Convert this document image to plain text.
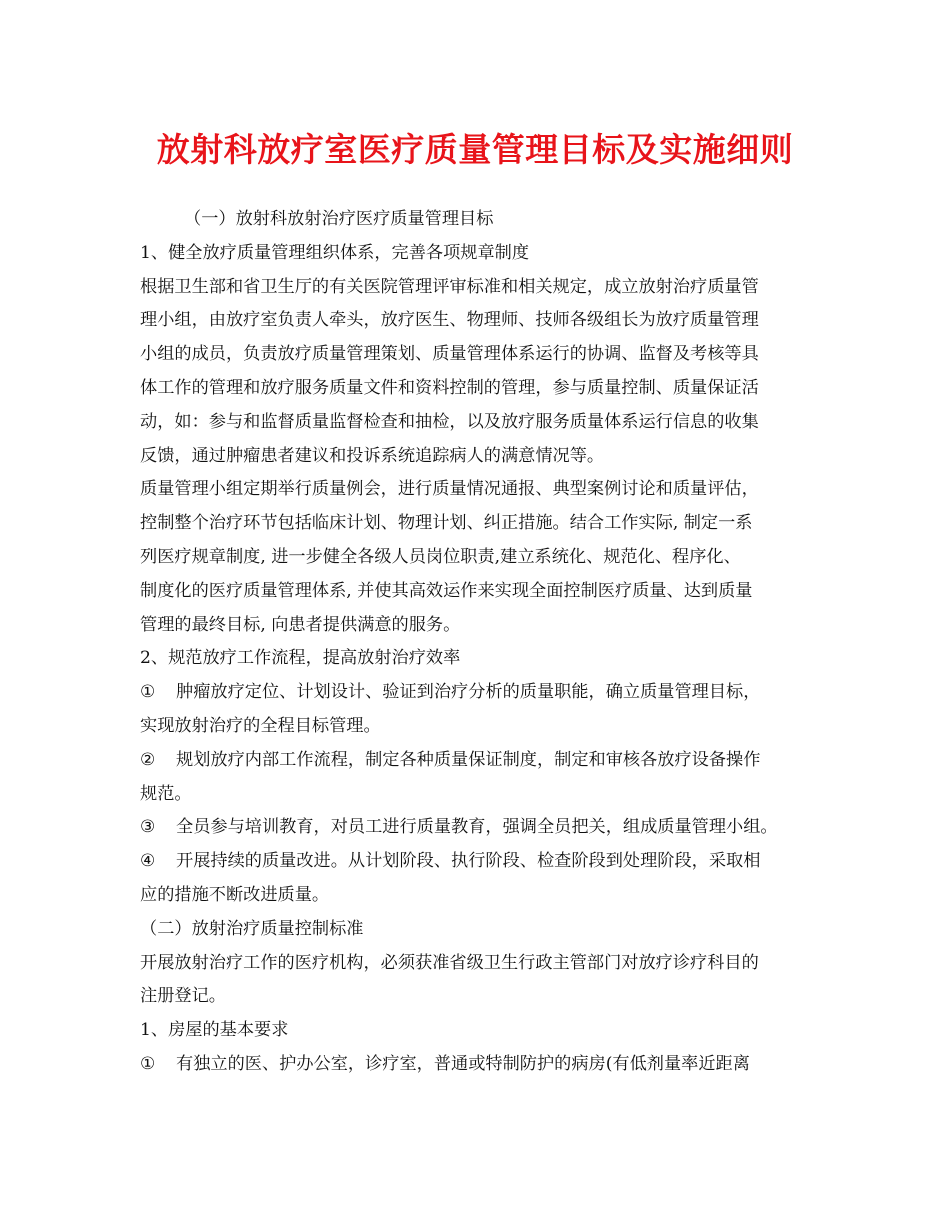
放射科放疗室医疗质量管理目标及实施细则
（一）放射科放射治疗医疗质量管理目标
1、健全放疗质量管理组织体系，完善各项规章制度
根据卫生部和省卫生厅的有关医院管理评审标准和相关规定，成立放射治疗质量管
理小组，由放疗室负责人牵头，放疗医生、物理师、技师各级组长为放疗质量管理
小组的成员，负责放疗质量管理策划、质量管理体系运行的协调、监督及考核等具
体工作的管理和放疗服务质量文件和资料控制的管理，参与质量控制、质量保证活
动，如：参与和监督质量监督检查和抽检，以及放疗服务质量体系运行信息的收集
反馈，通过肿瘤患者建议和投诉系统追踪病人的满意情况等。
质量管理小组定期举行质量例会，进行质量情况通报、典型案例讨论和质量评估，
控制整个治疗环节包括临床计划、物理计划、纠正措施。结合工作实际, 制定一系
列医疗规章制度, 进一步健全各级人员岗位职责,建立系统化、规范化、程序化、
制度化的医疗质量管理体系, 并使其高效运作来实现全面控制医疗质量、达到质量
管理的最终目标, 向患者提供满意的服务。
2、规范放疗工作流程，提高放射治疗效率
① 肿瘤放疗定位、计划设计、验证到治疗分析的质量职能，确立质量管理目标，
实现放射治疗的全程目标管理。
② 规划放疗内部工作流程，制定各种质量保证制度，制定和审核各放疗设备操作
规范。
③ 全员参与培训教育，对员工进行质量教育，强调全员把关，组成质量管理小组。
④ 开展持续的质量改进。从计划阶段、执行阶段、检查阶段到处理阶段，采取相
应的措施不断改进质量。
（二）放射治疗质量控制标准
开展放射治疗工作的医疗机构，必须获准省级卫生行政主管部门对放疗诊疗科目的
注册登记。
1、房屋的基本要求
① 有独立的医、护办公室，诊疗室，普通或特制防护的病房(有低剂量率近距离
